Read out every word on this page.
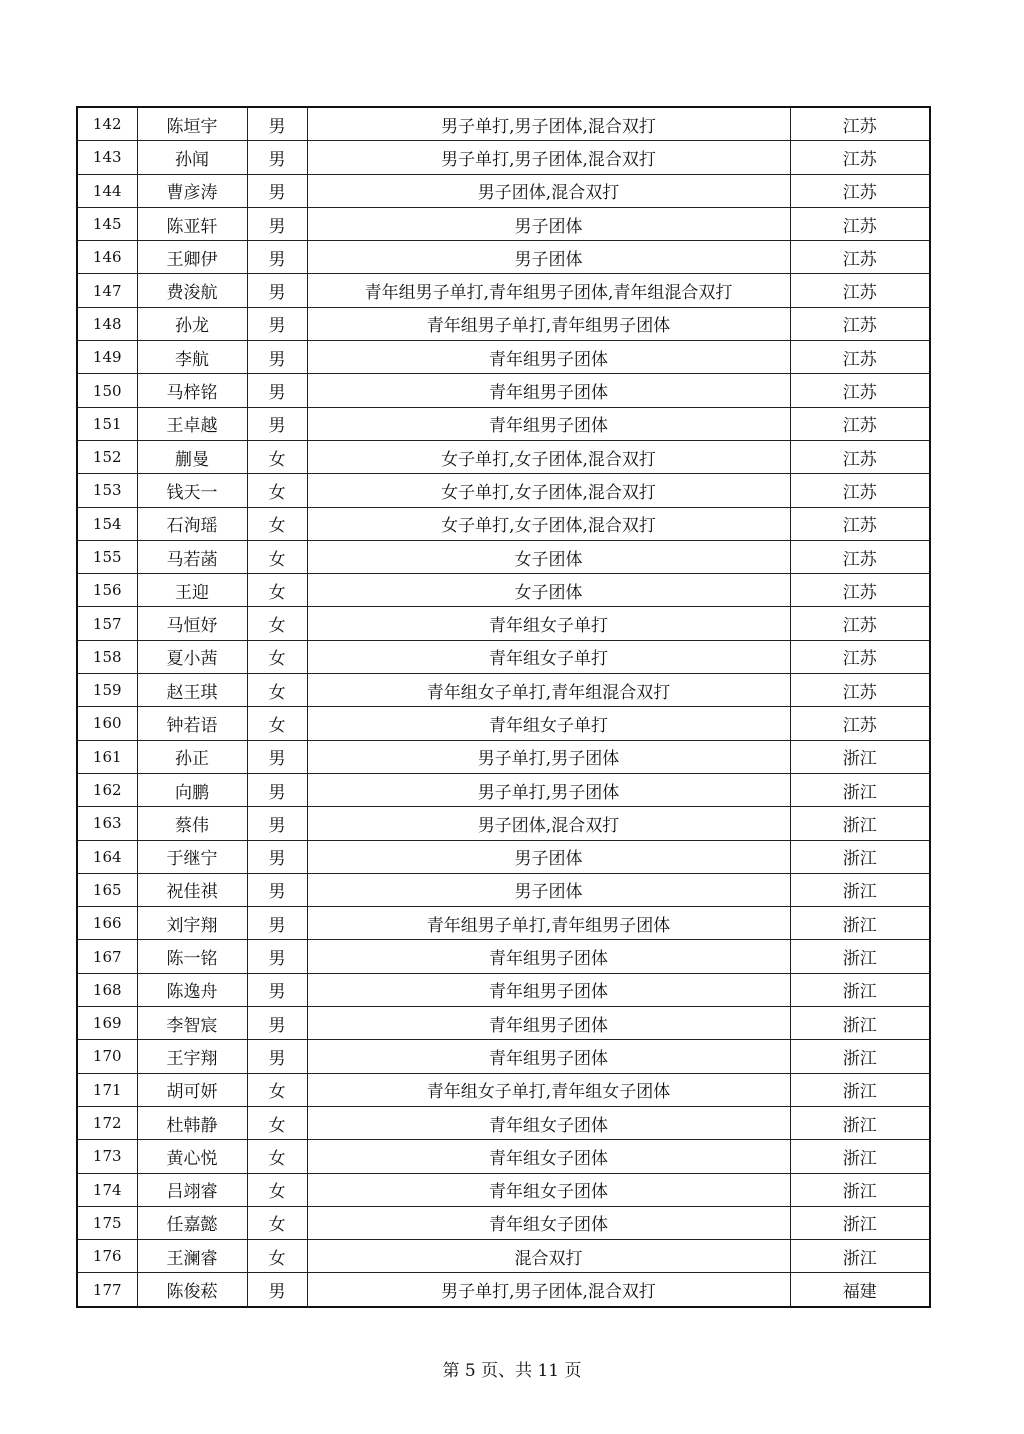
142	陈垣宇	男	男子单打,男子团体,混合双打	江苏
143	孙闻	男	男子单打,男子团体,混合双打	江苏
144	曹彦涛	男	男子团体,混合双打	江苏
145	陈亚轩	男	男子团体	江苏
146	王卿伊	男	男子团体	江苏
147	费浚航	男	青年组男子单打,青年组男子团体,青年组混合双打	江苏
148	孙龙	男	青年组男子单打,青年组男子团体	江苏
149	李航	男	青年组男子团体	江苏
150	马梓铭	男	青年组男子团体	江苏
151	王卓越	男	青年组男子团体	江苏
152	蒯曼	女	女子单打,女子团体,混合双打	江苏
153	钱天一	女	女子单打,女子团体,混合双打	江苏
154	石洵瑶	女	女子单打,女子团体,混合双打	江苏
155	马若菡	女	女子团体	江苏
156	王迎	女	女子团体	江苏
157	马恒妤	女	青年组女子单打	江苏
158	夏小茜	女	青年组女子单打	江苏
159	赵王琪	女	青年组女子单打,青年组混合双打	江苏
160	钟若语	女	青年组女子单打	江苏
161	孙正	男	男子单打,男子团体	浙江
162	向鹏	男	男子单打,男子团体	浙江
163	蔡伟	男	男子团体,混合双打	浙江
164	于继宁	男	男子团体	浙江
165	祝佳祺	男	男子团体	浙江
166	刘宇翔	男	青年组男子单打,青年组男子团体	浙江
167	陈一铭	男	青年组男子团体	浙江
168	陈逸舟	男	青年组男子团体	浙江
169	李智宸	男	青年组男子团体	浙江
170	王宇翔	男	青年组男子团体	浙江
171	胡可妍	女	青年组女子单打,青年组女子团体	浙江
172	杜韩静	女	青年组女子团体	浙江
173	黄心悦	女	青年组女子团体	浙江
174	吕翊睿	女	青年组女子团体	浙江
175	任嘉懿	女	青年组女子团体	浙江
176	王澜睿	女	混合双打	浙江
177	陈俊菘	男	男子单打,男子团体,混合双打	福建
第 5 页、共 11 页
